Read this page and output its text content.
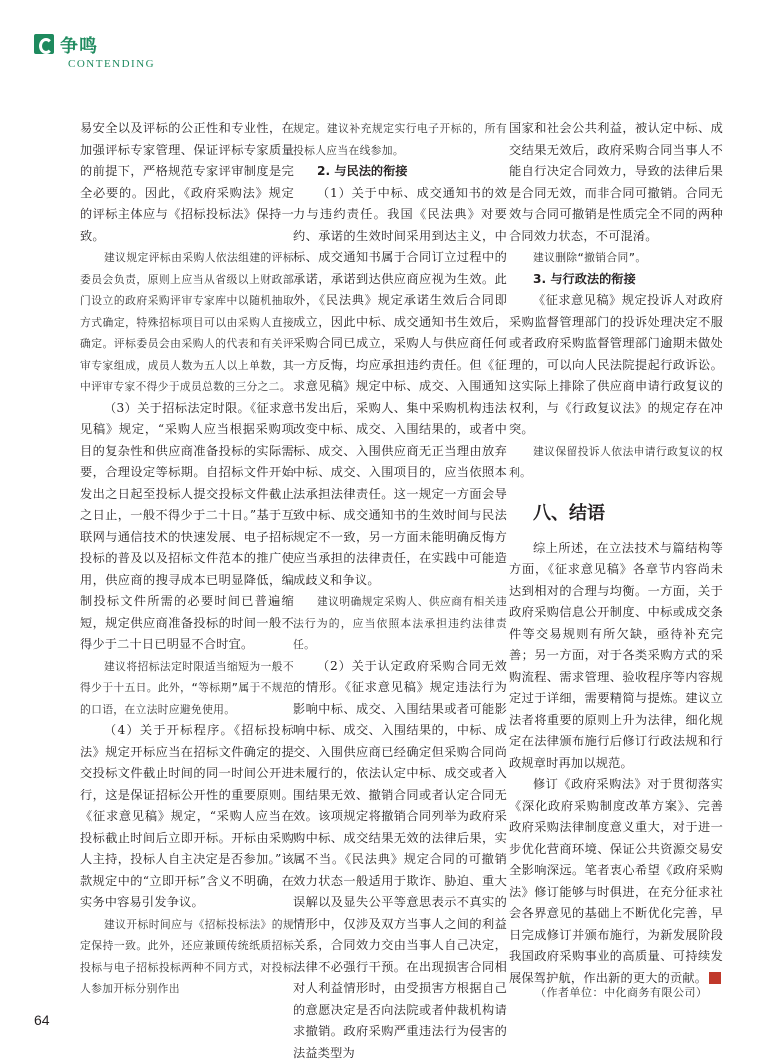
争鸣
CONTENDING

易安全以及评标的公正性和专业性，在加强评标专家管理、保证评标专家质量的前提下，严格规范专家评审制度是完全必要的。因此，《政府采购法》规定的评标主体应与《招标投标法》保持一致。

建议规定评标由采购人依法组建的评标委员会负责，原则上应当从省级以上财政部门设立的政府采购评审专家库中以随机抽取方式确定，特殊招标项目可以由采购人直接确定。评标委员会由采购人的代表和有关评审专家组成，成员人数为五人以上单数，其中评审专家不得少于成员总数的三分之二。

（3）关于招标法定时限。《征求意见稿》规定，“采购人应当根据采购项目的复杂性和供应商准备投标的实际需要，合理设定等标期。自招标文件开始发出之日起至投标人提交投标文件截止之日止，一般不得少于二十日。”基于互联网与通信技术的快速发展、电子招标投标的普及以及招标文件范本的推广使用，供应商的搜寻成本已明显降低，编制投标文件所需的必要时间已普遍缩短，规定供应商准备投标的时间一般不得少于二十日已明显不合时宜。

建议将招标法定时限适当缩短为一般不得少于十五日。此外，“等标期”属于不规范的口语，在立法时应避免使用。

（4）关于开标程序。《招标投标法》规定开标应当在招标文件确定的提交投标文件截止时间的同一时间公开进行，这是保证招标公开性的重要原则。《征求意见稿》规定，“采购人应当在投标截止时间后立即开标。开标由采购人主持，投标人自主决定是否参加。”该款规定中的“立即开标”含义不明确，在实务中容易引发争议。

建议开标时间应与《招标投标法》的规定保持一致。此外，还应兼顾传统纸质招标投标与电子招标投标两种不同方式，对投标人参加开标分别作出

规定。建议补充规定实行电子开标的，所有投标人应当在线参加。

2. 与民法的衔接

（1）关于中标、成交通知书的效力与违约责任。我国《民法典》对要约、承诺的生效时间采用到达主义，中标、成交通知书属于合同订立过程中的承诺，承诺到达供应商应视为生效。此外，《民法典》规定承诺生效后合同即成立，因此中标、成交通知书生效后，采购合同已成立，采购人与供应商任何一方反悔，均应承担违约责任。但《征求意见稿》规定中标、成交、入围通知书发出后，采购人、集中采购机构违法改变中标、成交、入围结果的，或者中标、成交、入围供应商无正当理由放弃中标、成交、入围项目的，应当依照本法承担法律责任。这一规定一方面会导致中标、成交通知书的生效时间与民法规定不一致，另一方面未能明确反悔方应当承担的法律责任，在实践中可能造成歧义和争议。

建议明确规定采购人、供应商有相关违法行为的，应当依照本法承担违约法律责任。

（2）关于认定政府采购合同无效的情形。《征求意见稿》规定违法行为影响中标、成交、入围结果或者可能影响中标、成交、入围结果的，中标、成交、入围供应商已经确定但采购合同尚未履行的，依法认定中标、成交或者入围结果无效、撤销合同或者认定合同无效。该项规定将撤销合同列举为政府采购中标、成交结果无效的法律后果，实属不当。《民法典》规定合同的可撤销效力状态一般适用于欺诈、胁迫、重大误解以及显失公平等意思表示不真实的情形中，仅涉及双方当事人之间的利益关系，合同效力交由当事人自己决定，法律不必强行干预。在出现损害合同相对人利益情形时，由受损害方根据自己的意愿决定是否向法院或者仲裁机构请求撤销。政府采购严重违法行为侵害的法益类型为

国家和社会公共利益，被认定中标、成交结果无效后，政府采购合同当事人不能自行决定合同效力，导致的法律后果是合同无效，而非合同可撤销。合同无效与合同可撤销是性质完全不同的两种合同效力状态，不可混淆。

建议删除“撤销合同”。

3. 与行政法的衔接

《征求意见稿》规定投诉人对政府采购监督管理部门的投诉处理决定不服或者政府采购监督管理部门逾期未做处理的，可以向人民法院提起行政诉讼。这实际上排除了供应商申请行政复议的权利，与《行政复议法》的规定存在冲突。

建议保留投诉人依法申请行政复议的权利。

八、结语

综上所述，在立法技术与篇结构等方面，《征求意见稿》各章节内容尚未达到相对的合理与均衡。一方面，关于政府采购信息公开制度、中标或成交条件等交易规则有所欠缺，亟待补充完善；另一方面，对于各类采购方式的采购流程、需求管理、验收程序等内容规定过于详细，需要精简与提炼。建议立法者将重要的原则上升为法律，细化规定在法律颁布施行后修订行政法规和行政规章时再加以规范。

修订《政府采购法》对于贯彻落实《深化政府采购制度改革方案》、完善政府采购法律制度意义重大，对于进一步优化营商环境、保证公共资源交易安全影响深远。笔者衷心希望《政府采购法》修订能够与时俱进，在充分征求社会各界意见的基础上不断优化完善，早日完成修订并颁布施行，为新发展阶段我国政府采购事业的高质量、可持续发展保驾护航，作出新的更大的贡献。	招

（作者单位：中化商务有限公司）
64
